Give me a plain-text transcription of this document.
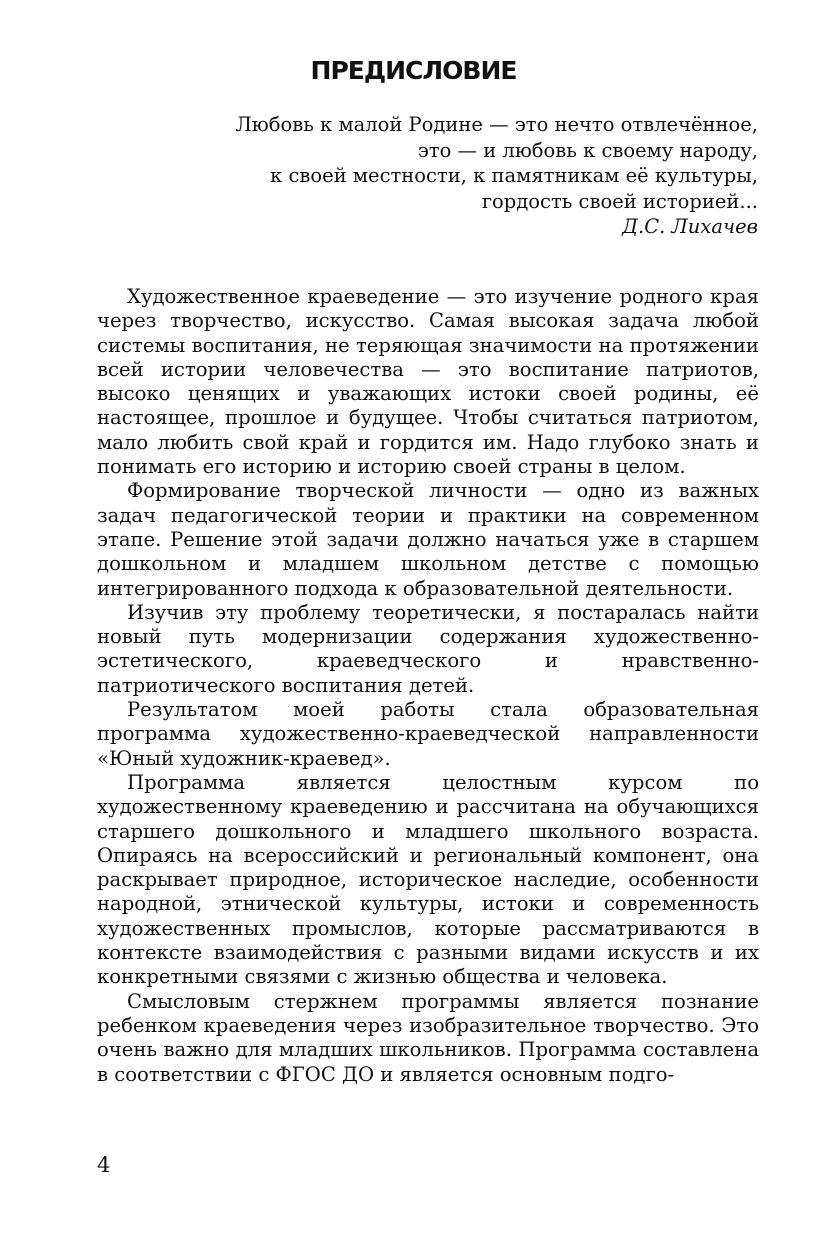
ПРЕДИСЛОВИЕ
Любовь к малой Родине — это нечто отвлечённое,
это — и любовь к своему народу,
к своей местности, к памятникам её культуры,
гордость своей историей...
Д.С. Лихачев

Художественное краеведение — это изучение родного края через творчество, искусство. Самая высокая задача любой системы воспитания, не теряющая значимости на протяжении всей истории человечества — это воспитание патриотов, высоко ценящих и уважающих истоки своей родины, её настоящее, прошлое и будущее. Чтобы считаться патриотом, мало любить свой край и гордится им. Надо глубоко знать и понимать его историю и историю своей страны в целом.

Формирование творческой личности — одно из важных задач педагогической теории и практики на современном этапе. Решение этой задачи должно начаться уже в старшем дошкольном и младшем школьном детстве с помощью интегрированного подхода к образовательной деятельности.

Изучив эту проблему теоретически, я постаралась найти новый путь модернизации содержания художественно-эстетического, краеведческого и нравственно-патриотического воспитания детей.

Результатом моей работы стала образовательная программа художественно-краеведческой направленности «Юный художник-краевед».

Программа является целостным курсом по художественному краеведению и рассчитана на обучающихся старшего дошкольного и младшего школьного возраста. Опираясь на всероссийский и региональный компонент, она раскрывает природное, историческое наследие, особенности народной, этнической культуры, истоки и современность художественных промыслов, которые рассматриваются в контексте взаимодействия с разными видами искусств и их конкретными связями с жизнью общества и человека.

Смысловым стержнем программы является познание ребенком краеведения через изобразительное творчество. Это очень важно для младших школьников. Программа составлена в соответствии с ФГОС ДО и является основным подго-

4
